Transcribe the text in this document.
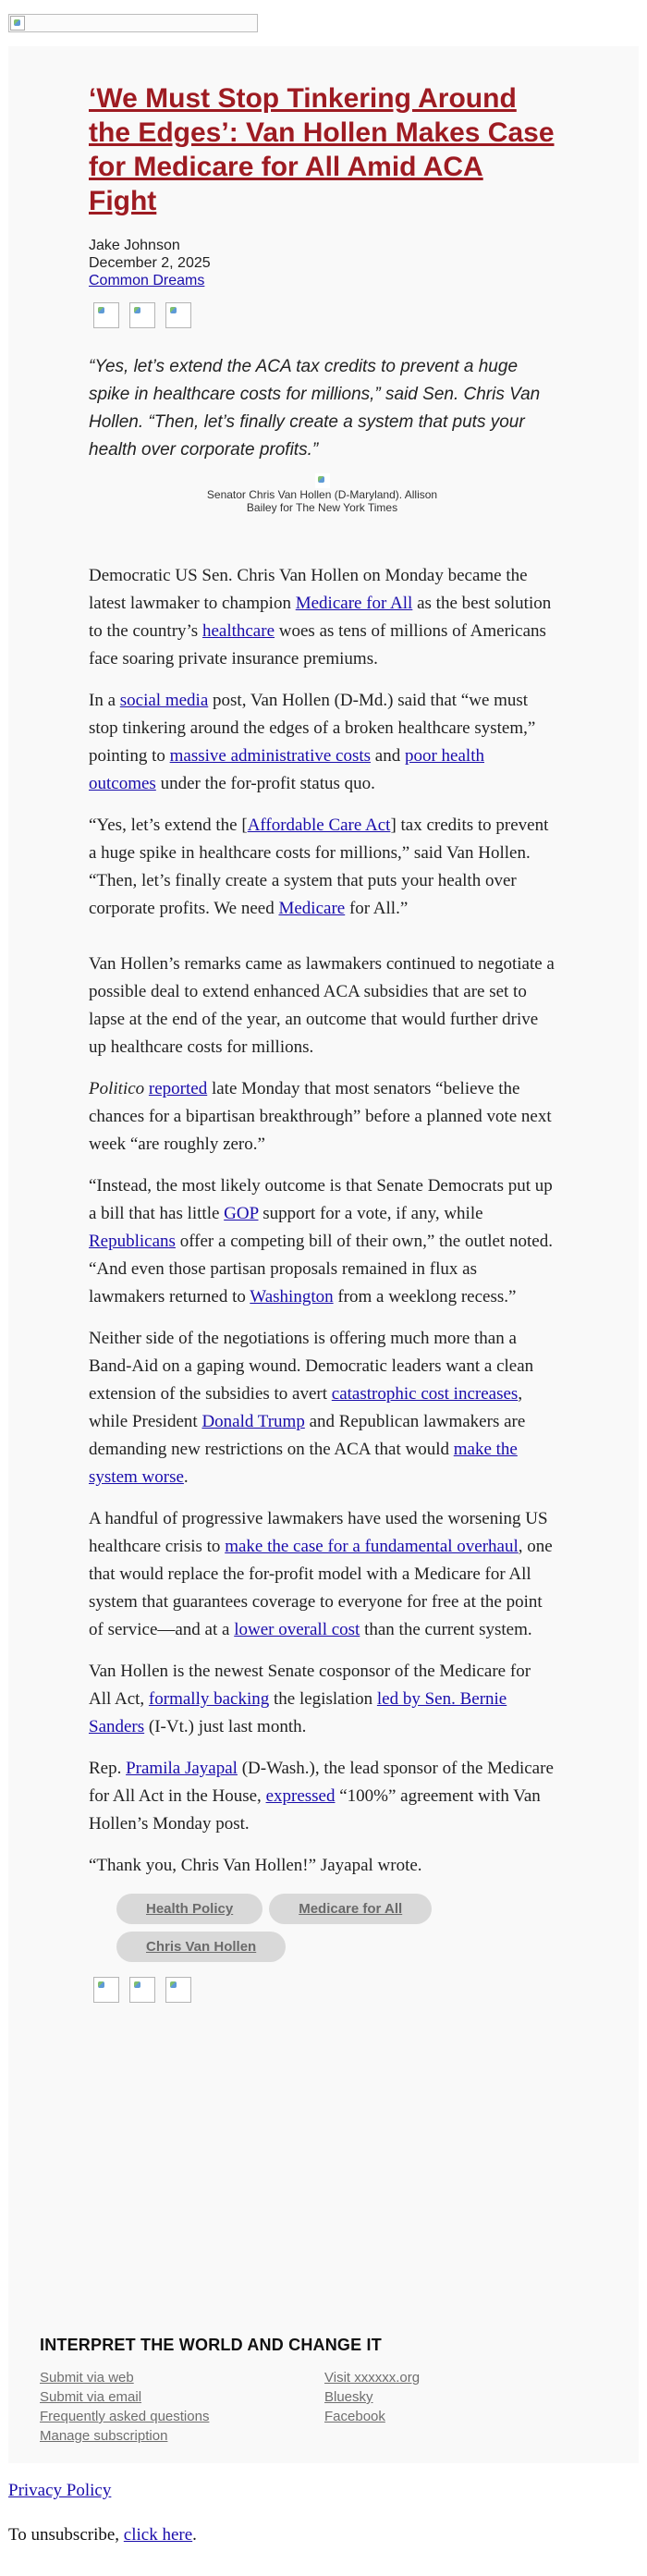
‘We Must Stop Tinkering Around the Edges’: Van Hollen Makes Case for Medicare for All Amid ACA Fight
Jake Johnson
December 2, 2025
Common Dreams

“Yes, let’s extend the ACA tax credits to prevent a huge spike in healthcare costs for millions,” said Sen. Chris Van Hollen. “Then, let’s finally create a system that puts your health over corporate profits.”
Senator Chris Van Hollen (D-Maryland). Allison Bailey for The New York Times

Democratic US Sen. Chris Van Hollen on Monday became the latest lawmaker to champion Medicare for All as the best solution to the country’s healthcare woes as tens of millions of Americans face soaring private insurance premiums.

In a social media post, Van Hollen (D-Md.) said that “we must stop tinkering around the edges of a broken healthcare system,” pointing to massive administrative costs and poor health outcomes under the for-profit status quo.

“Yes, let’s extend the [Affordable Care Act] tax credits to prevent a huge spike in healthcare costs for millions,” said Van Hollen. “Then, let’s finally create a system that puts your health over corporate profits. We need Medicare for All.”

Van Hollen’s remarks came as lawmakers continued to negotiate a possible deal to extend enhanced ACA subsidies that are set to lapse at the end of the year, an outcome that would further drive up healthcare costs for millions.

Politico reported late Monday that most senators “believe the chances for a bipartisan breakthrough” before a planned vote next week “are roughly zero.”

“Instead, the most likely outcome is that Senate Democrats put up a bill that has little GOP support for a vote, if any, while Republicans offer a competing bill of their own,” the outlet noted. “And even those partisan proposals remained in flux as lawmakers returned to Washington from a weeklong recess.”

Neither side of the negotiations is offering much more than a Band-Aid on a gaping wound. Democratic leaders want a clean extension of the subsidies to avert catastrophic cost increases, while President Donald Trump and Republican lawmakers are demanding new restrictions on the ACA that would make the system worse.

A handful of progressive lawmakers have used the worsening US healthcare crisis to make the case for a fundamental overhaul, one that would replace the for-profit model with a Medicare for All system that guarantees coverage to everyone for free at the point of service—and at a lower overall cost than the current system.

Van Hollen is the newest Senate cosponsor of the Medicare for All Act, formally backing the legislation led by Sen. Bernie Sanders (I-Vt.) just last month.

Rep. Pramila Jayapal (D-Wash.), the lead sponsor of the Medicare for All Act in the House, expressed “100%” agreement with Van Hollen’s Monday post.

“Thank you, Chris Van Hollen!” Jayapal wrote.

Health Policy	Medicare for All Chris Van Hollen

INTERPRET THE WORLD AND CHANGE IT
Submit via web
Submit via email
Frequently asked questions
Manage subscription
Visit xxxxxx.org
Bluesky
Facebook
Privacy Policy
To unsubscribe, click here.
